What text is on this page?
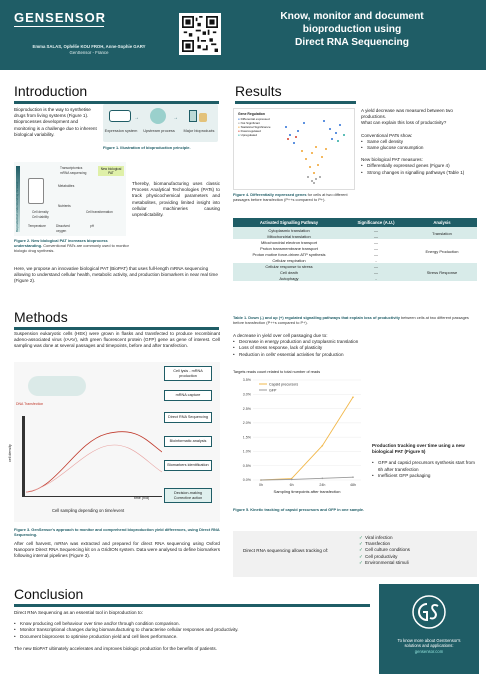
GENSENSOR
Emma SALAS, Ophélie KOU FROH, Anne-Sophie GARY
GenSensor - France
Know, monitor and document
bioproduction using
Direct RNA Sequencing
Introduction
Bioproduction is the way to synthetise drugs from living systems (Figure 1). Bioprocesses development and monitoring is a challenge due to inherent biological variability.
→	→
Expression system	Upstream process	Major bioproducts
Figure 1. Illustration of bioproduction principle.
Bioproduction understanding increase
Transcriptomics mRNA sequencing
New biological PAT
Metabolites
Cell density
Cell viability
Nutrients
Cell transformation
Temperature	Dissolved oxygen
pH
Thereby, biomanufacturing uses classic Process Analytical Technologies (PATs) to track physicochemical parameters and metabolites, providing limited insight into cellular machineries causing unpredictability.
Figure 2. New biological PAT increases bioprocess understanding. Conventional PATs are commonly used to monitor biologic drug synthesis.
Here, we propose an innovative biological PAT (BioPAT) that uses full-length mRNA sequencing allowing to understand cellular health, metabolic activity, and production biomarkers in near real time (Figure 2).
Methods
Suspension eukaryotic cells (HEK) were grown in flasks and transfected to produce recombinant adeno-associated virus (rAAV), with green fluorescent protein (GFP) gene as gene of interest. Cell sampling was done at several passages and timepoints, before and after transfection.
DNA Transfection
cell density
time (h/d)
Cell sampling depending on time/event
Cell lysis - mRNA production
mRNA capture
Direct RNA Sequencing
Bioinformatic analysis
Biomarkers identification
Decision-making Corrective action
Figure 3. GenSensor's approach to monitor and comprehend bioproduction yield differences, using Direct RNA Sequencing.
After cell harvest, mRNA was extracted and prepared for direct RNA sequencing using Oxford Nanopore Direct RNA Sequencing kit on a GridION system. Data were analysed to define biomarkers following internal pipelines (Figure 3).
Results
Gene Regulation
● Differential expressed
● Not Significant
● Statistical Significance
● Downregulated
● Upregulated
Figure 4. Differentially expressed genes for cells at two different passages before transfection (P++s compared to P+).
A yield decrease was measured between two productions.
What can explain this loss of productivity?
Conventional PATs show:
• Same cell density
• Same glucose consumption
New biological PAT measures:
• Differentially expressed genes (Figure 4)
• Strong changes in signalling pathways (Table 1)
Activated Signalling Pathway	Significance (A.U.)	Analysis
Cytoplasmic translation	—	Translation
Mitochondrial translation	—	
Mitochondrial electron transport	—	Energy Production
Proton transmembrane transport	—	
Proton motive force-driven ATP synthesis	—	
Cellular respiration	-	
Cellular response to stress	—	Stress Response
Cell death	—	
Autophagy	-	
Table 1. Down (-) and up (+) regulated signalling pathways that explain loss of productivity between cells at two different passages before transfection (P++s compared to P+).
A decrease in yield over cell passaging due to:
• Decrease in energy production and cytoplasmic translation
• Loss of stress response, lack of plasticity
• Reduction in cells' essential activities for production
Targets reads count related to total number of reads
0.0%
0.5%
1.0%
1.5%
2.0%
2.5%
3.0%
3.5%
0h	6h	24h	48h
Sampling timepoints after transfection
Capsid precursors
GFP
Figure 5. Kinetic tracking of capsid precursors and GFP in one sample.
Production tracking over time using a new biological PAT (Figure 5)
• GFP and capsid precursors synthesis start from 6h after transfection
• Inefficient GFP packaging
Direct RNA sequencing allows tracking of:
✓ Viral infection
✓ Transfection
✓ Cell culture conditions
✓ Cell productivity
✓ Environmental stimuli
Conclusion
Direct RNA Sequencing as an essential tool in bioproduction to:
• Know producing cell behaviour over time and/or through condition comparison.
• Monitor transcriptional changes during biomanufacturing to characterise cellular responses and productivity.
• Document bioprocess to optimise production yield and cell lines performance.
The new BioPAT ultimately accelerates and improves biologic production for the benefits of patients.
To know more about GenSensor's
solutions and applications:
gensensor.com
